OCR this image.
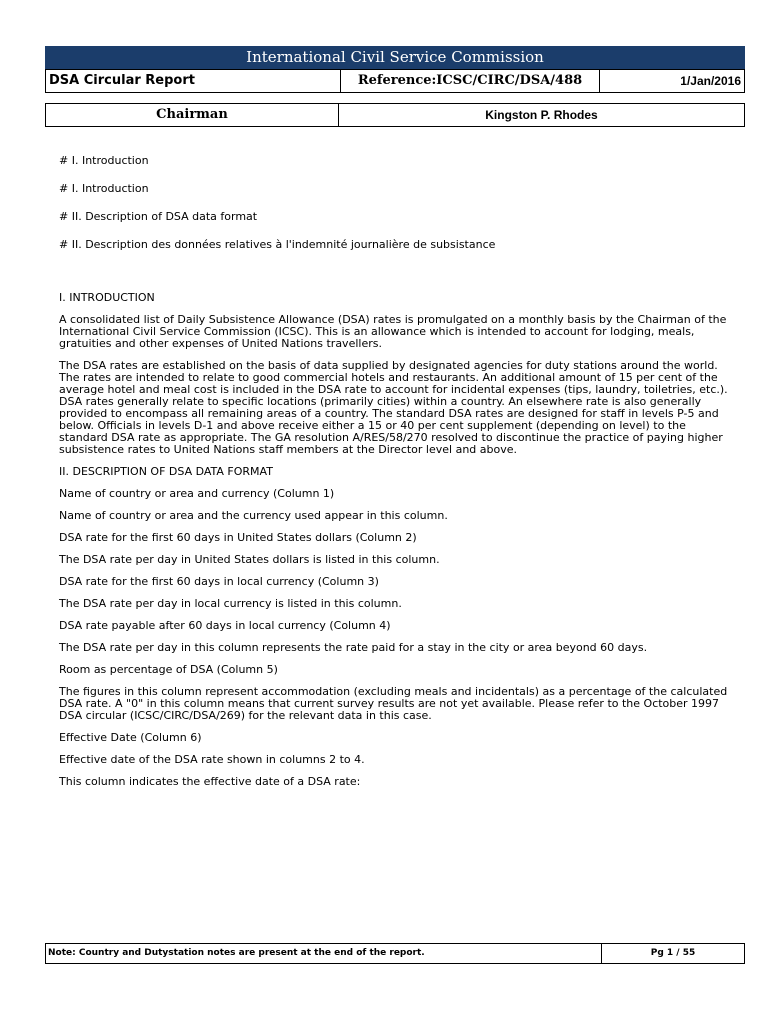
International Civil Service Commission
DSA Circular Report	Reference:ICSC/CIRC/DSA/488	1/Jan/2016
Chairman	Kingston P. Rhodes
# I. Introduction
# I. Introduction
# II. Description of DSA data format
# II. Description des données relatives à l'indemnité journalière de subsistance

I. INTRODUCTION

A consolidated list of Daily Subsistence Allowance (DSA) rates is promulgated on a monthly basis by the Chairman of the International Civil Service Commission (ICSC). This is an allowance which is intended to account for lodging, meals, gratuities and other expenses of United Nations travellers.

The DSA rates are established on the basis of data supplied by designated agencies for duty stations around the world. The rates are intended to relate to good commercial hotels and restaurants. An additional amount of 15 per cent of the average hotel and meal cost is included in the DSA rate to account for incidental expenses (tips, laundry, toiletries, etc.). DSA rates generally relate to specific locations (primarily cities) within a country. An elsewhere rate is also generally provided to encompass all remaining areas of a country. The standard DSA rates are designed for staff in levels P-5 and below. Officials in levels D-1 and above receive either a 15 or 40 per cent supplement (depending on level) to the standard DSA rate as appropriate. The GA resolution A/RES/58/270 resolved to discontinue the practice of paying higher subsistence rates to United Nations staff members at the Director level and above.

II. DESCRIPTION OF DSA DATA FORMAT

Name of country or area and currency (Column 1)

Name of country or area and the currency used appear in this column.

DSA rate for the first 60 days in United States dollars (Column 2)

The DSA rate per day in United States dollars is listed in this column.

DSA rate for the first 60 days in local currency (Column 3)

The DSA rate per day in local currency is listed in this column.

DSA rate payable after 60 days in local currency (Column 4)

The DSA rate per day in this column represents the rate paid for a stay in the city or area beyond 60 days.

Room as percentage of DSA (Column 5)

The figures in this column represent accommodation (excluding meals and incidentals) as a percentage of the calculated DSA rate. A "0" in this column means that current survey results are not yet available. Please refer to the October 1997 DSA circular (ICSC/CIRC/DSA/269) for the relevant data in this case.

Effective Date (Column 6)

Effective date of the DSA rate shown in columns 2 to 4.

This column indicates the effective date of a DSA rate:

Note: Country and Dutystation notes are present at the end of the report.	Pg 1 / 55
